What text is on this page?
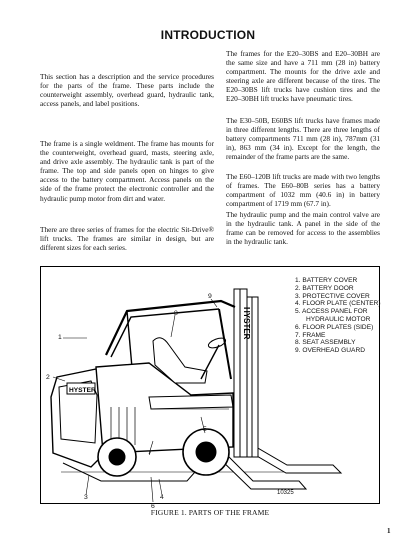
INTRODUCTION

This section has a description and the service procedures for the parts of the frame. These parts include the counterweight assembly, overhead guard, hydraulic tank, access panels, and label positions.

The frame is a single weldment. The frame has mounts for the counterweight, overhead guard, masts, steering axle, and drive axle assembly. The hydraulic tank is part of the frame. The top and side panels open on hinges to give access to the battery compartment. Access panels on the side of the frame protect the electronic controller and the hydraulic pump motor from dirt and water.

There are three series of frames for the electric Sit-Drive® lift trucks. The frames are similar in design, but are different sizes for each series.

The frames for the E20–30BS and E20–30BH are the same size and have a 711 mm (28 in) battery compartment. The mounts for the drive axle and steering axle are different because of the tires. The E20–30BS lift trucks have cushion tires and the E20–30BH lift trucks have pneumatic tires.

The E30–50B, E60BS lift trucks have frames made in three different lengths. There are three lengths of battery compartments 711 mm (28 in), 787mm (31 in), 863 mm (34 in). Except for the length, the remainder of the frame parts are the same.

The E60–120B lift trucks are made with two lengths of frames. The E60–80B series has a battery compartment of 1032 mm (40.6 in) in battery compartment of 1719 mm (67.7 in).

The hydraulic pump and the main control valve are in the hydraulic tank. A panel in the side of the frame can be removed for access to the assemblies in the hydraulic tank.

HYSTER
HYSTER
1
2
3	4
5
6
7
8
9
1. BATTERY COVER
2. BATTERY DOOR
3. PROTECTIVE COVER
4. FLOOR PLATE (CENTER)
5. ACCESS PANEL FOR
HYDRAULIC MOTOR
6. FLOOR PLATES (SIDE)
7. FRAME
8. SEAT ASSEMBLY
9. OVERHEAD GUARD
10325
FIGURE 1. PARTS OF THE FRAME
1
